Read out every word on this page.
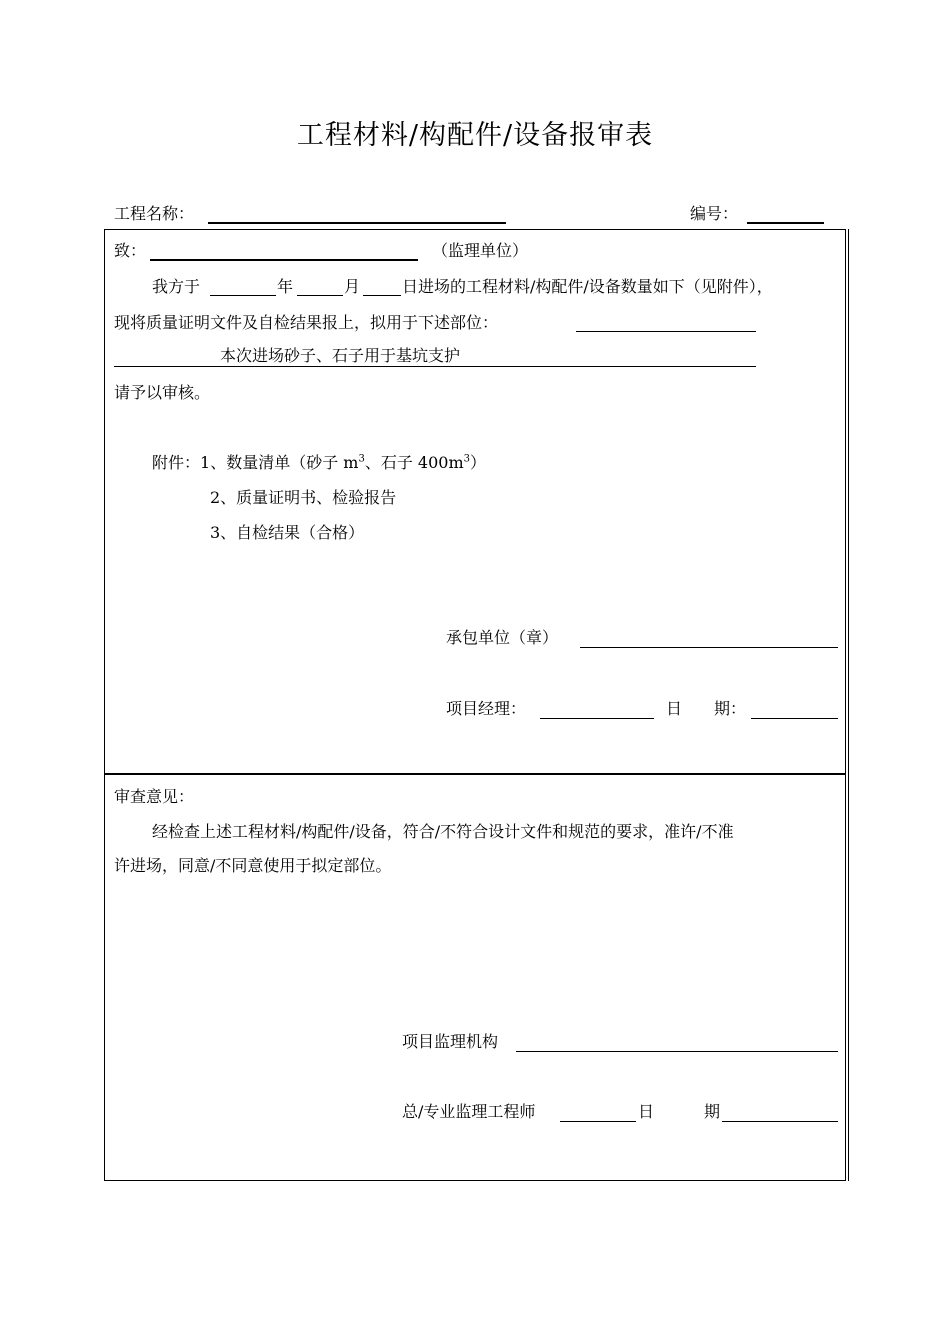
工程材料/构配件/设备报审表
工程名称：	编号：
致：	（监理单位）
我方于	年	月	日进场的工程材料/构配件/设备数量如下（见附件），
现将质量证明文件及自检结果报上，拟用于下述部位：
本次进场砂子、石子用于基坑支护
请予以审核。
附件：1、数量清单（砂子 $m^3$、石子 $400m^3$）
2、质量证明书、检验报告
3、自检结果（合格）
承包单位（章）
项目经理：	日 期：
审查意见：
经检查上述工程材料/构配件/设备，符合/不符合设计文件和规范的要求，准许/不准
许进场，同意/不同意使用于拟定部位。
项目监理机构
总/专业监理工程师	日	期
